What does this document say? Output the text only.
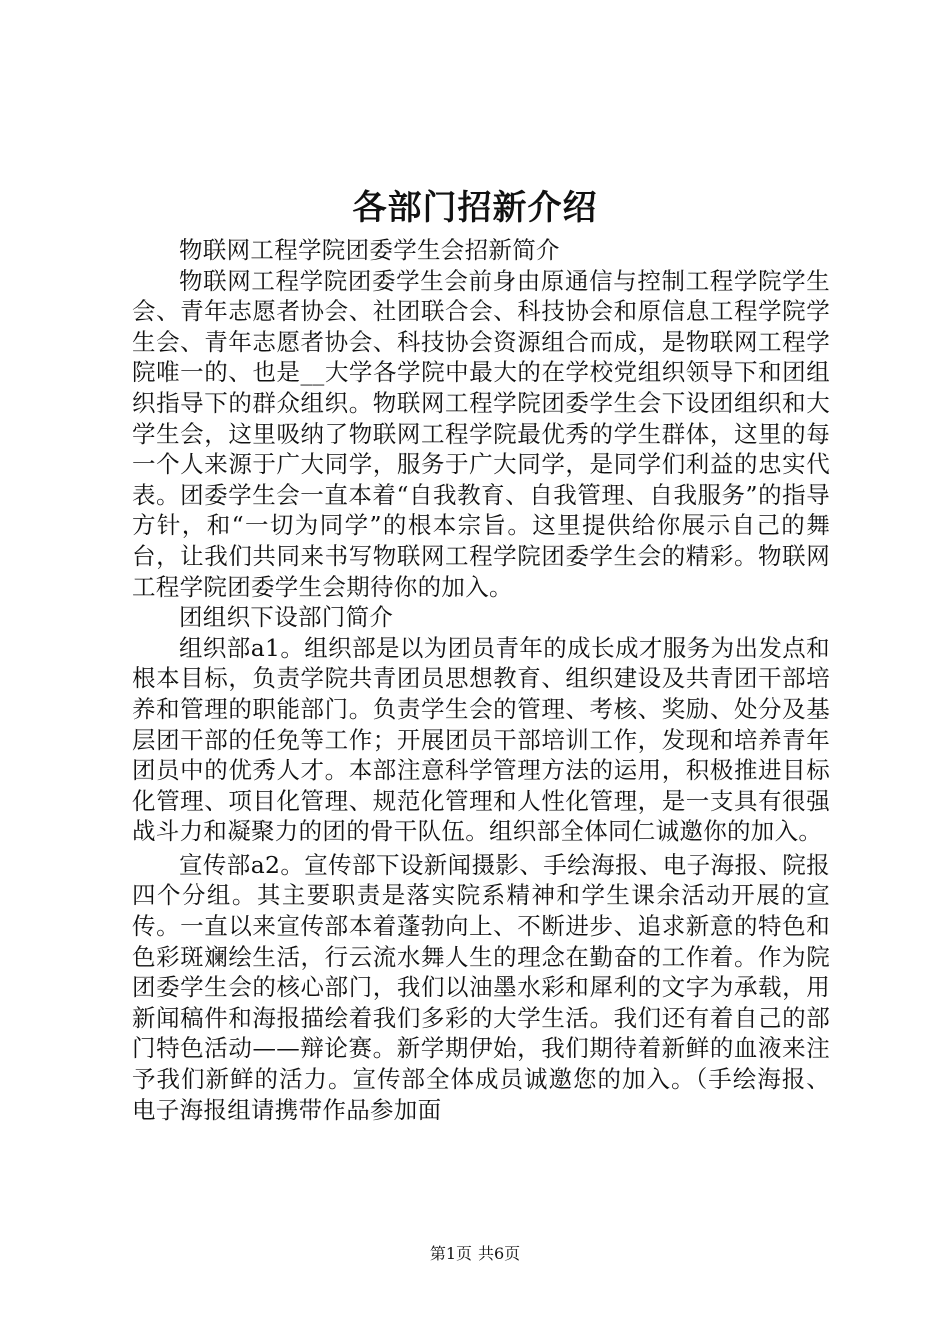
各部门招新介绍

物联网工程学院团委学生会招新简介

物联网工程学院团委学生会前身由原通信与控制工程学院学生会、青年志愿者协会、社团联合会、科技协会和原信息工程学院学生会、青年志愿者协会、科技协会资源组合而成，是物联网工程学院唯一的、也是__大学各学院中最大的在学校党组织领导下和团组织指导下的群众组织。物联网工程学院团委学生会下设团组织和大学生会，这里吸纳了物联网工程学院最优秀的学生群体，这里的每一个人来源于广大同学，服务于广大同学，是同学们利益的忠实代表。团委学生会一直本着“自我教育、自我管理、自我服务”的指导方针，和“一切为同学”的根本宗旨。这里提供给你展示自己的舞台，让我们共同来书写物联网工程学院团委学生会的精彩。物联网工程学院团委学生会期待你的加入。

团组织下设部门简介

组织部a1。组织部是以为团员青年的成长成才服务为出发点和根本目标，负责学院共青团员思想教育、组织建设及共青团干部培养和管理的职能部门。负责学生会的管理、考核、奖励、处分及基层团干部的任免等工作；开展团员干部培训工作，发现和培养青年团员中的优秀人才。本部注意科学管理方法的运用，积极推进目标化管理、项目化管理、规范化管理和人性化管理，是一支具有很强战斗力和凝聚力的团的骨干队伍。组织部全体同仁诚邀你的加入。

宣传部a2。宣传部下设新闻摄影、手绘海报、电子海报、院报四个分组。其主要职责是落实院系精神和学生课余活动开展的宣传。一直以来宣传部本着蓬勃向上、不断进步、追求新意的特色和色彩斑斓绘生活，行云流水舞人生的理念在勤奋的工作着。作为院团委学生会的核心部门，我们以油墨水彩和犀利的文字为承载，用新闻稿件和海报描绘着我们多彩的大学生活。我们还有着自己的部门特色活动——辩论赛。新学期伊始，我们期待着新鲜的血液来注予我们新鲜的活力。宣传部全体成员诚邀您的加入。（手绘海报、电子海报组请携带作品参加面

第1页 共6页
